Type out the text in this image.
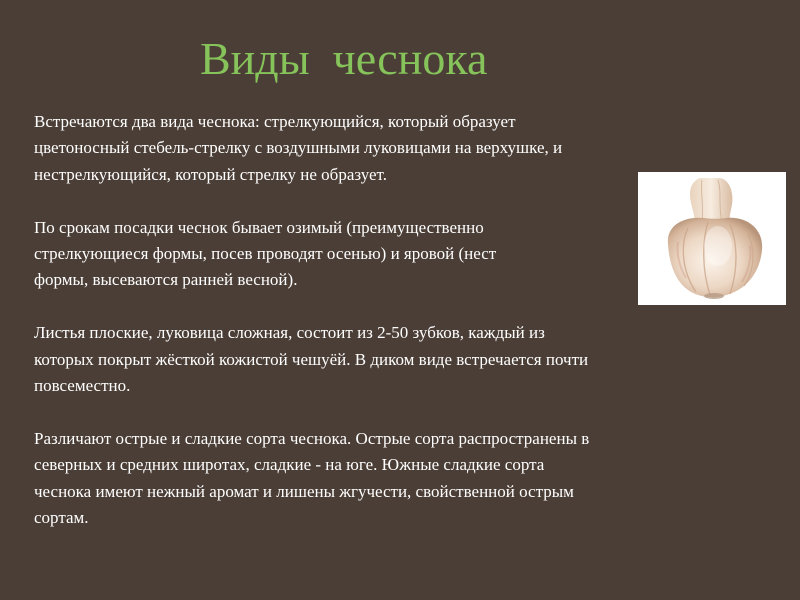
Виды  чеснока

Встречаются два вида чеснока: стрелкующийся, который образует
цветоносный стебель-стрелку с воздушными луковицами на верхушке, и
нестрелкующийся, который стрелку не образует.

По срокам посадки чеснок бывает озимый (преимущественно
стрелкующиеся формы, посев проводят осенью) и яровой (нест
формы, высеваются ранней весной).

Листья плоские, луковица сложная, состоит из 2-50 зубков, каждый из
которых покрыт жёсткой кожистой чешуёй. В диком виде встречается почти
повсеместно.

Различают острые и сладкие сорта чеснока. Острые сорта распространены в
северных и средних широтах, сладкие - на юге. Южные сладкие сорта
чеснока имеют нежный аромат и лишены жгучести, свойственной острым
сортам.
